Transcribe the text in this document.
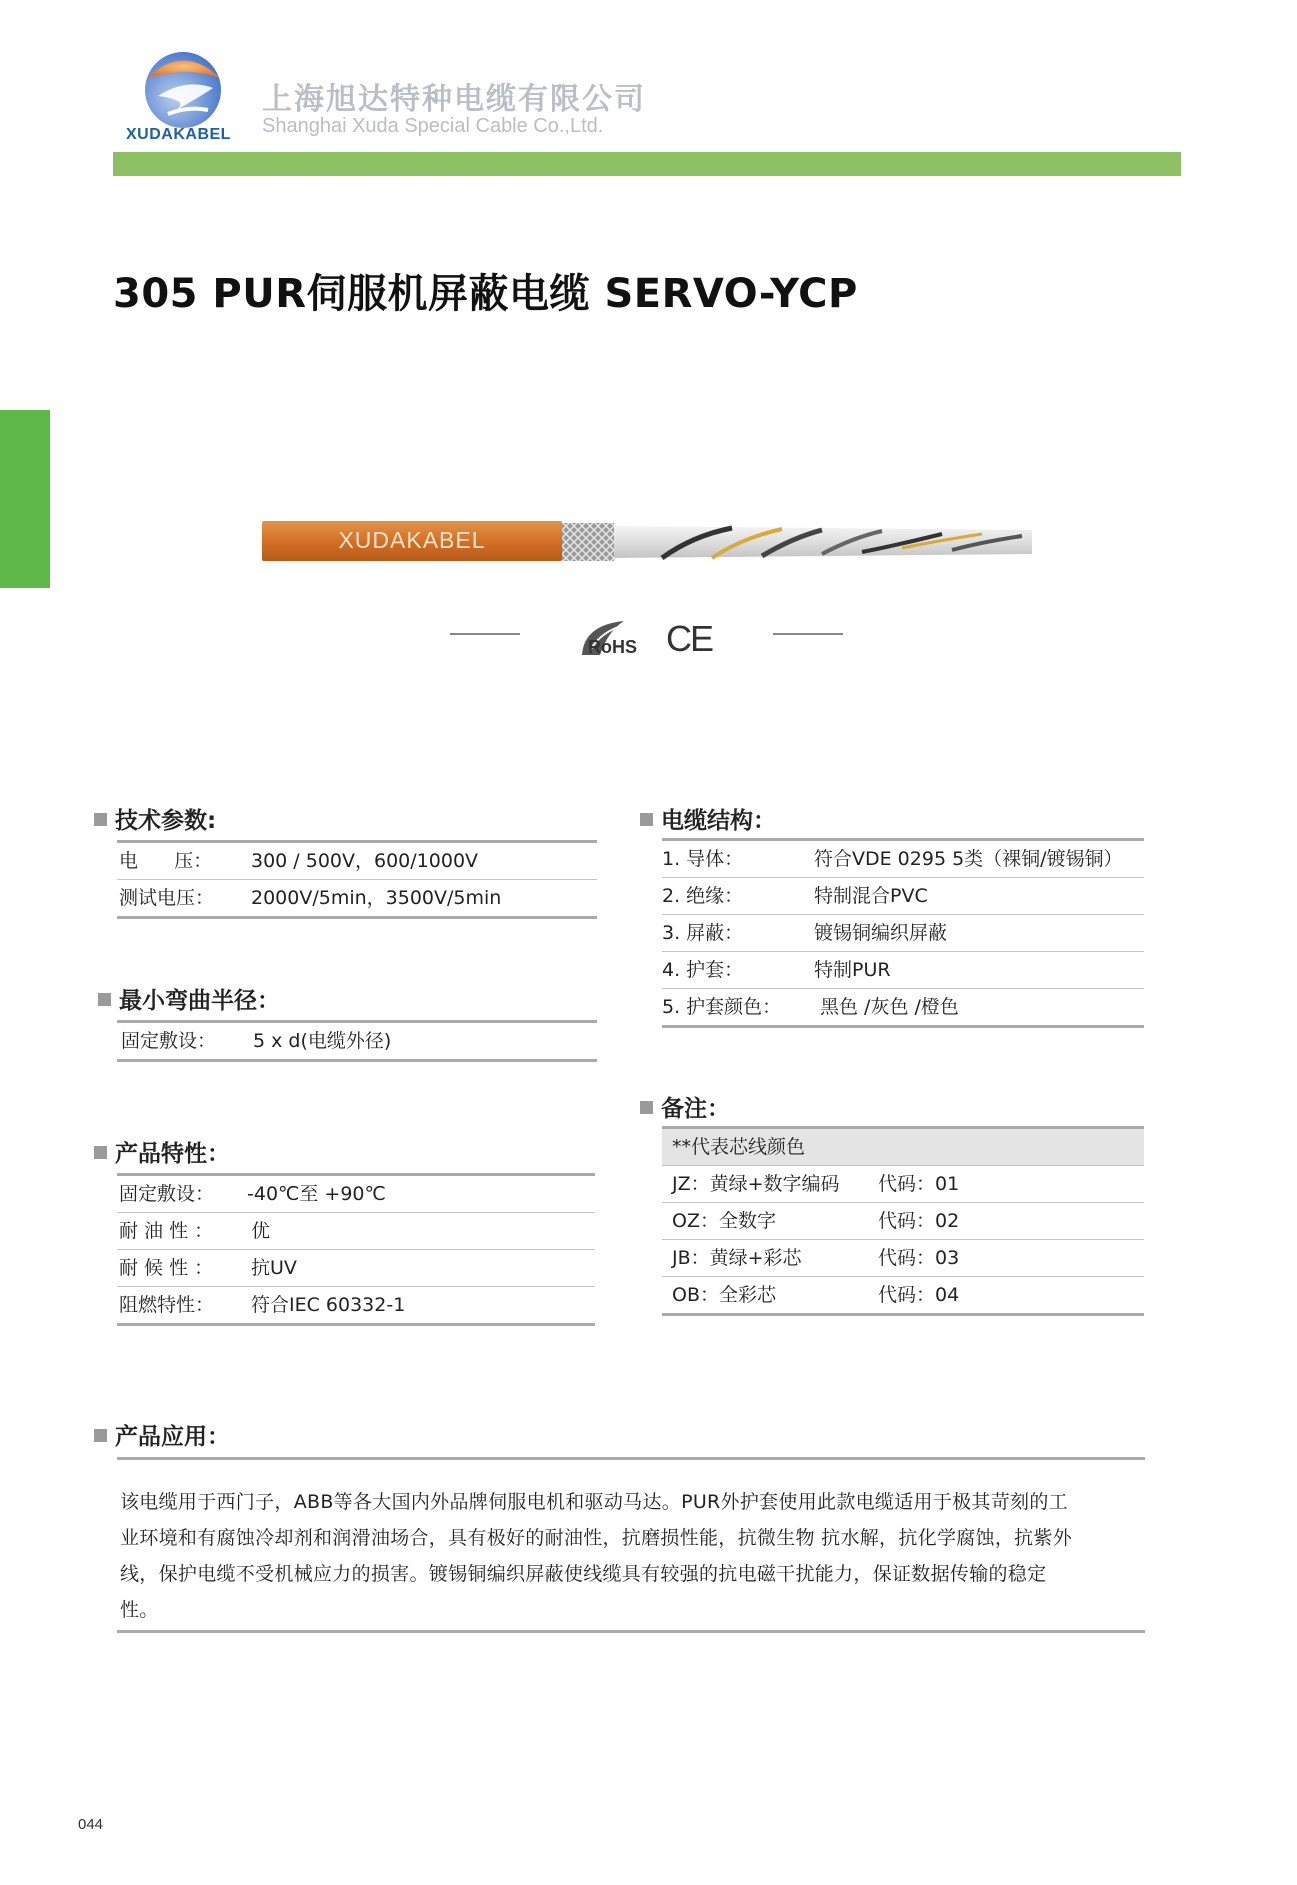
XUDAKABEL
上海旭达特种电缆有限公司
Shanghai Xuda Special Cable Co.,Ltd.
305 PUR伺服机屏蔽电缆 SERVO-YCP
XUDAKABEL
RoHS CE
技术参数:
电      压： 300 / 500V，600/1000V
测试电压： 2000V/5min，3500V/5min
最小弯曲半径：
固定敷设： 5 x d(电缆外径)
产品特性：
固定敷设： -40℃至 +90℃
耐 油 性 ： 优
耐 候 性 ： 抗UV
阻燃特性： 符合IEC 60332-1
电缆结构：
1. 导体：	符合VDE 0295 5类（裸铜/镀锡铜）
2. 绝缘：	特制混合PVC
3. 屏蔽：	镀锡铜编织屏蔽
4. 护套：	特制PUR
5. 护套颜色： 黑色 /灰色 /橙色
备注：
**代表芯线颜色
JZ：黄绿+数字编码 代码：01
OZ：全数字	代码：02
JB：黄绿+彩芯	代码：03
OB：全彩芯	代码：04
产品应用：
该电缆用于西门子，ABB等各大国内外品牌伺服电机和驱动马达。PUR外护套使用此款电缆适用于极其苛刻的工
业环境和有腐蚀冷却剂和润滑油场合，具有极好的耐油性，抗磨损性能，抗微生物 抗水解，抗化学腐蚀，抗紫外
线，保护电缆不受机械应力的损害。镀锡铜编织屏蔽使线缆具有较强的抗电磁干扰能力，保证数据传输的稳定
性。
044
